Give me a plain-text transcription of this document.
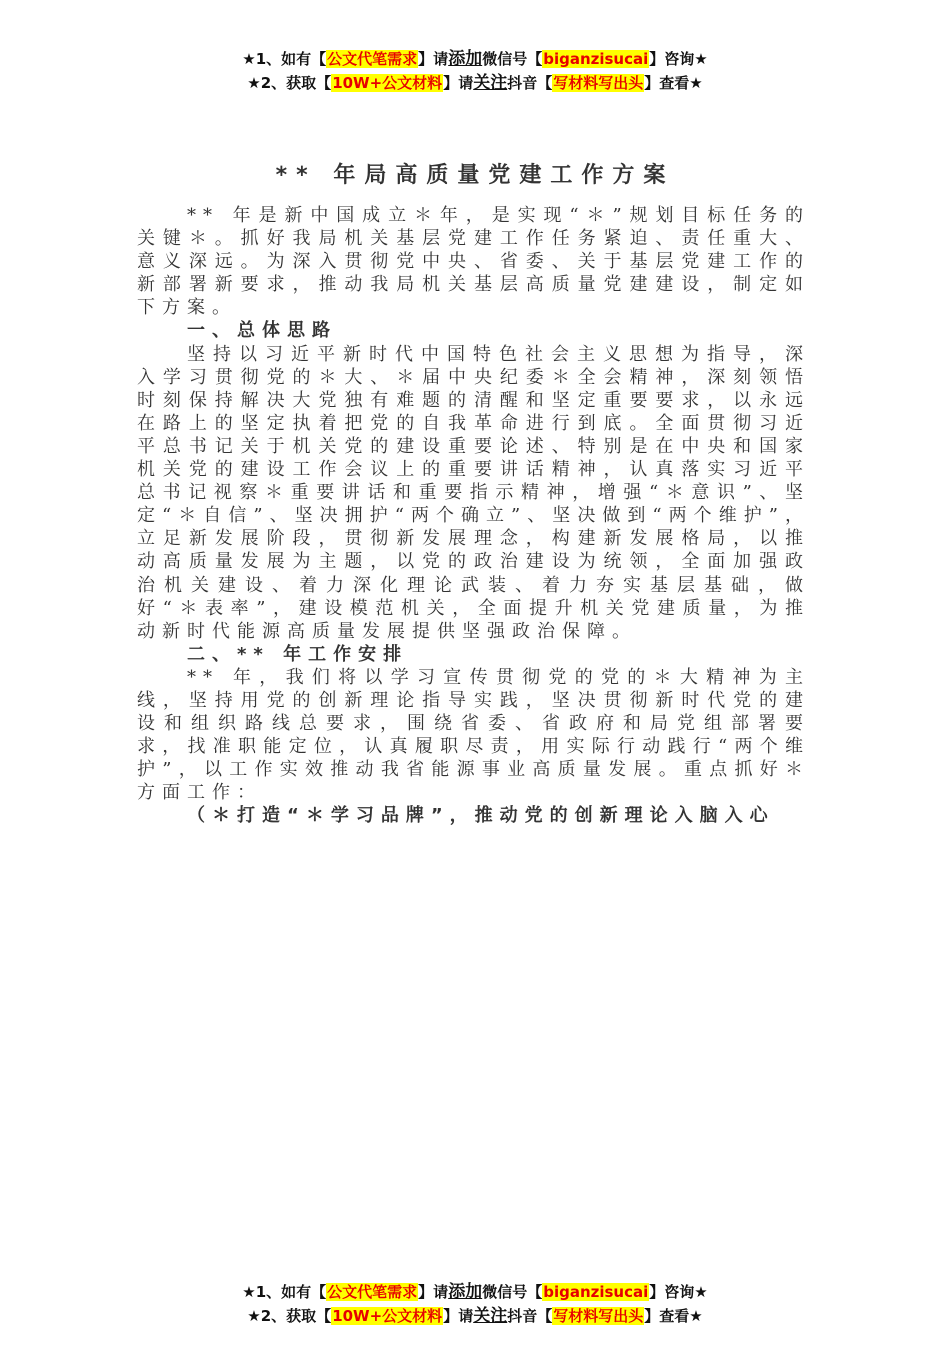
★1、如有【公文代笔需求】请添加微信号【biganzisucai】咨询★
★2、获取【10W+公文材料】请关注抖音【写材料写出头】查看★
** 年局高质量党建工作方案

** 年是新中国成立＊年，是实现“＊”规划目标任务的关键＊。抓好我局机关基层党建工作任务紧迫、责任重大、意义深远。为深入贯彻党中央、省委、关于基层党建工作的新部署新要求，推动我局机关基层高质量党建建设，制定如下方案。

一、总体思路

坚持以习近平新时代中国特色社会主义思想为指导，深入学习贯彻党的＊大、＊届中央纪委＊全会精神，深刻领悟时刻保持解决大党独有难题的清醒和坚定重要要求，以永远在路上的坚定执着把党的自我革命进行到底。全面贯彻习近平总书记关于机关党的建设重要论述、特别是在中央和国家机关党的建设工作会议上的重要讲话精神，认真落实习近平总书记视察＊重要讲话和重要指示精神，增强“＊意识”、坚定“＊自信”、坚决拥护“两个确立”、坚决做到“两个维护”，立足新发展阶段，贯彻新发展理念，构建新发展格局，以推动高质量发展为主题，以党的政治建设为统领，全面加强政治机关建设、着力深化理论武装、着力夯实基层基础，做好“＊表率”，建设模范机关，全面提升机关党建质量，为推动新时代能源高质量发展提供坚强政治保障。

二、** 年工作安排

** 年，我们将以学习宣传贯彻党的党的＊大精神为主线，坚持用党的创新理论指导实践，坚决贯彻新时代党的建设和组织路线总要求，围绕省委、省政府和局党组部署要求，找准职能定位，认真履职尽责，用实际行动践行“两个维护”，以工作实效推动我省能源事业高质量发展。重点抓好＊方面工作：

（＊打造“＊学习品牌”，推动党的创新理论入脑入心

★1、如有【公文代笔需求】请添加微信号【biganzisucai】咨询★
★2、获取【10W+公文材料】请关注抖音【写材料写出头】查看★
